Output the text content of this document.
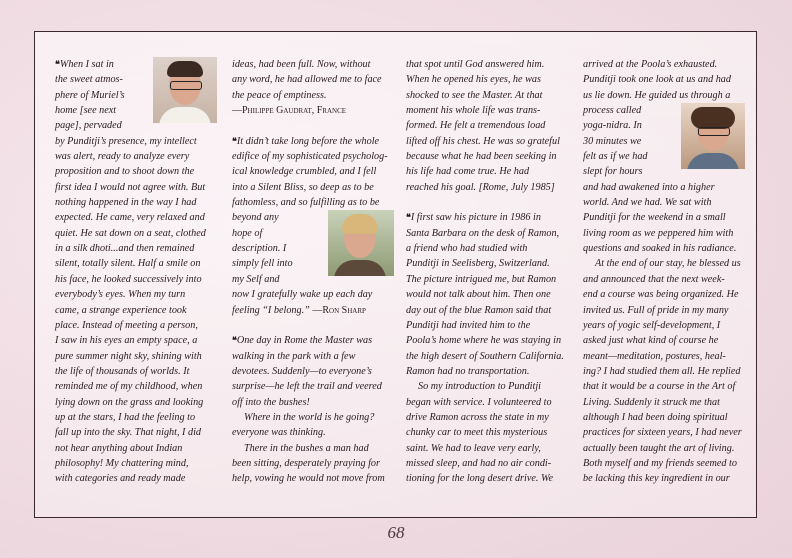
❝When I sat in

the sweet atmos-

phere of Muriel’s

home [see next

page], pervaded

by Punditji’s presence, my intellect

was alert, ready to analyze every

proposition and to shoot down the

first idea I would not agree with. But

nothing happened in the way I had

expected. He came, very relaxed and

quiet. He sat down on a seat, clothed

in a silk dhoti...and then remained

silent, totally silent. Half a smile on

his face, he looked successively into

everybody’s eyes. When my turn

came, a strange experience took

place. Instead of meeting a person,

I saw in his eyes an empty space, a

pure summer night sky, shining with

the life of thousands of worlds. It

reminded me of my childhood, when

lying down on the grass and looking

up at the stars, I had the feeling to

fall up into the sky. That night, I did

not hear anything about Indian

philosophy! My chattering mind,

with categories and ready made

ideas, had been full. Now, without

any word, he had allowed me to face

the peace of emptiness.

—Philippe Gaudrat, France

❝It didn’t take long before the whole

edifice of my sophisticated psycholog-

ical knowledge crumbled, and I fell

into a Silent Bliss, so deep as to be

fathomless, and so fulfilling as to be

beyond any

hope of

description. I

simply fell into

my Self and

now I gratefully wake up each day

feeling “I belong.” —Ron Sharp

❝One day in Rome the Master was

walking in the park with a few

devotees. Suddenly—to everyone’s

surprise—he left the trail and veered

off into the bushes!

Where in the world is he going?

everyone was thinking.

There in the bushes a man had

been sitting, desperately praying for

help, vowing he would not move from

that spot until God answered him.

When he opened his eyes, he was

shocked to see the Master. At that

moment his whole life was trans-

formed. He felt a tremendous load

lifted off his chest. He was so grateful

because what he had been seeking in

his life had come true. He had

reached his goal. [Rome, July 1985]

❝I first saw his picture in 1986 in

Santa Barbara on the desk of Ramon,

a friend who had studied with

Punditji in Seelisberg, Switzerland.

The picture intrigued me, but Ramon

would not talk about him. Then one

day out of the blue Ramon said that

Punditji had invited him to the

Poola’s home where he was staying in

the high desert of Southern California.

Ramon had no transportation.

So my introduction to Punditji

began with service. I volunteered to

drive Ramon across the state in my

chunky car to meet this mysterious

saint. We had to leave very early,

missed sleep, and had no air condi-

tioning for the long desert drive. We

arrived at the Poola’s exhausted.

Punditji took one look at us and had

us lie down. He guided us through a

process called

yoga-nidra. In

30 minutes we

felt as if we had

slept for hours

and had awakened into a higher

world. And we had. We sat with

Punditji for the weekend in a small

living room as we peppered him with

questions and soaked in his radiance.

At the end of our stay, he blessed us

and announced that the next week-

end a course was being organized. He

invited us. Full of pride in my many

years of yogic self-development, I

asked just what kind of course he

meant—meditation, postures, heal-

ing? I had studied them all. He replied

that it would be a course in the Art of

Living. Suddenly it struck me that

although I had been doing spiritual

practices for sixteen years, I had never

actually been taught the art of living.

Both myself and my friends seemed to

be lacking this key ingredient in our

68
